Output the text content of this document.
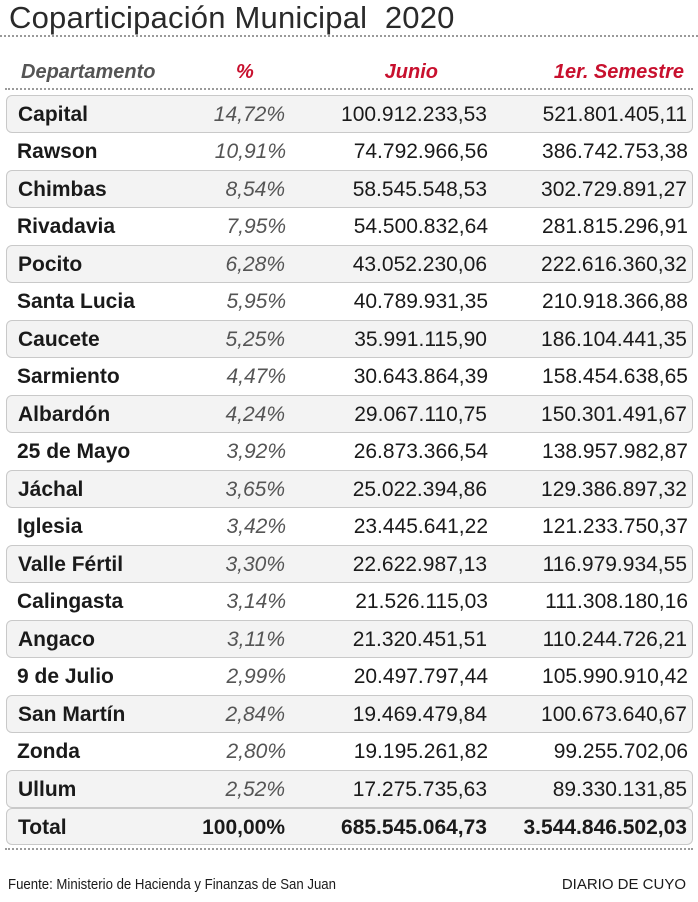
Coparticipación Municipal  2020
Departamento	%	Junio	1er. Semestre
Capital	14,72%	100.912.233,53	521.801.405,11
Rawson	10,91%	74.792.966,56	386.742.753,38
Chimbas	8,54%	58.545.548,53	302.729.891,27
Rivadavia	7,95%	54.500.832,64	281.815.296,91
Pocito	6,28%	43.052.230,06	222.616.360,32
Santa Lucia	5,95%	40.789.931,35	210.918.366,88
Caucete	5,25%	35.991.115,90	186.104.441,35
Sarmiento	4,47%	30.643.864,39	158.454.638,65
Albardón	4,24%	29.067.110,75	150.301.491,67
25 de Mayo	3,92%	26.873.366,54	138.957.982,87
Jáchal	3,65%	25.022.394,86	129.386.897,32
Iglesia	3,42%	23.445.641,22	121.233.750,37
Valle Fértil	3,30%	22.622.987,13	116.979.934,55
Calingasta	3,14%	21.526.115,03	111.308.180,16
Angaco	3,11%	21.320.451,51	110.244.726,21
9 de Julio	2,99%	20.497.797,44	105.990.910,42
San Martín	2,84%	19.469.479,84	100.673.640,67
Zonda	2,80%	19.195.261,82	99.255.702,06
Ullum	2,52%	17.275.735,63	89.330.131,85
Total	100,00%	685.545.064,73 3.544.846.502,03
Fuente: Ministerio de Hacienda y Finanzas de San Juan	DIARIO DE CUYO
